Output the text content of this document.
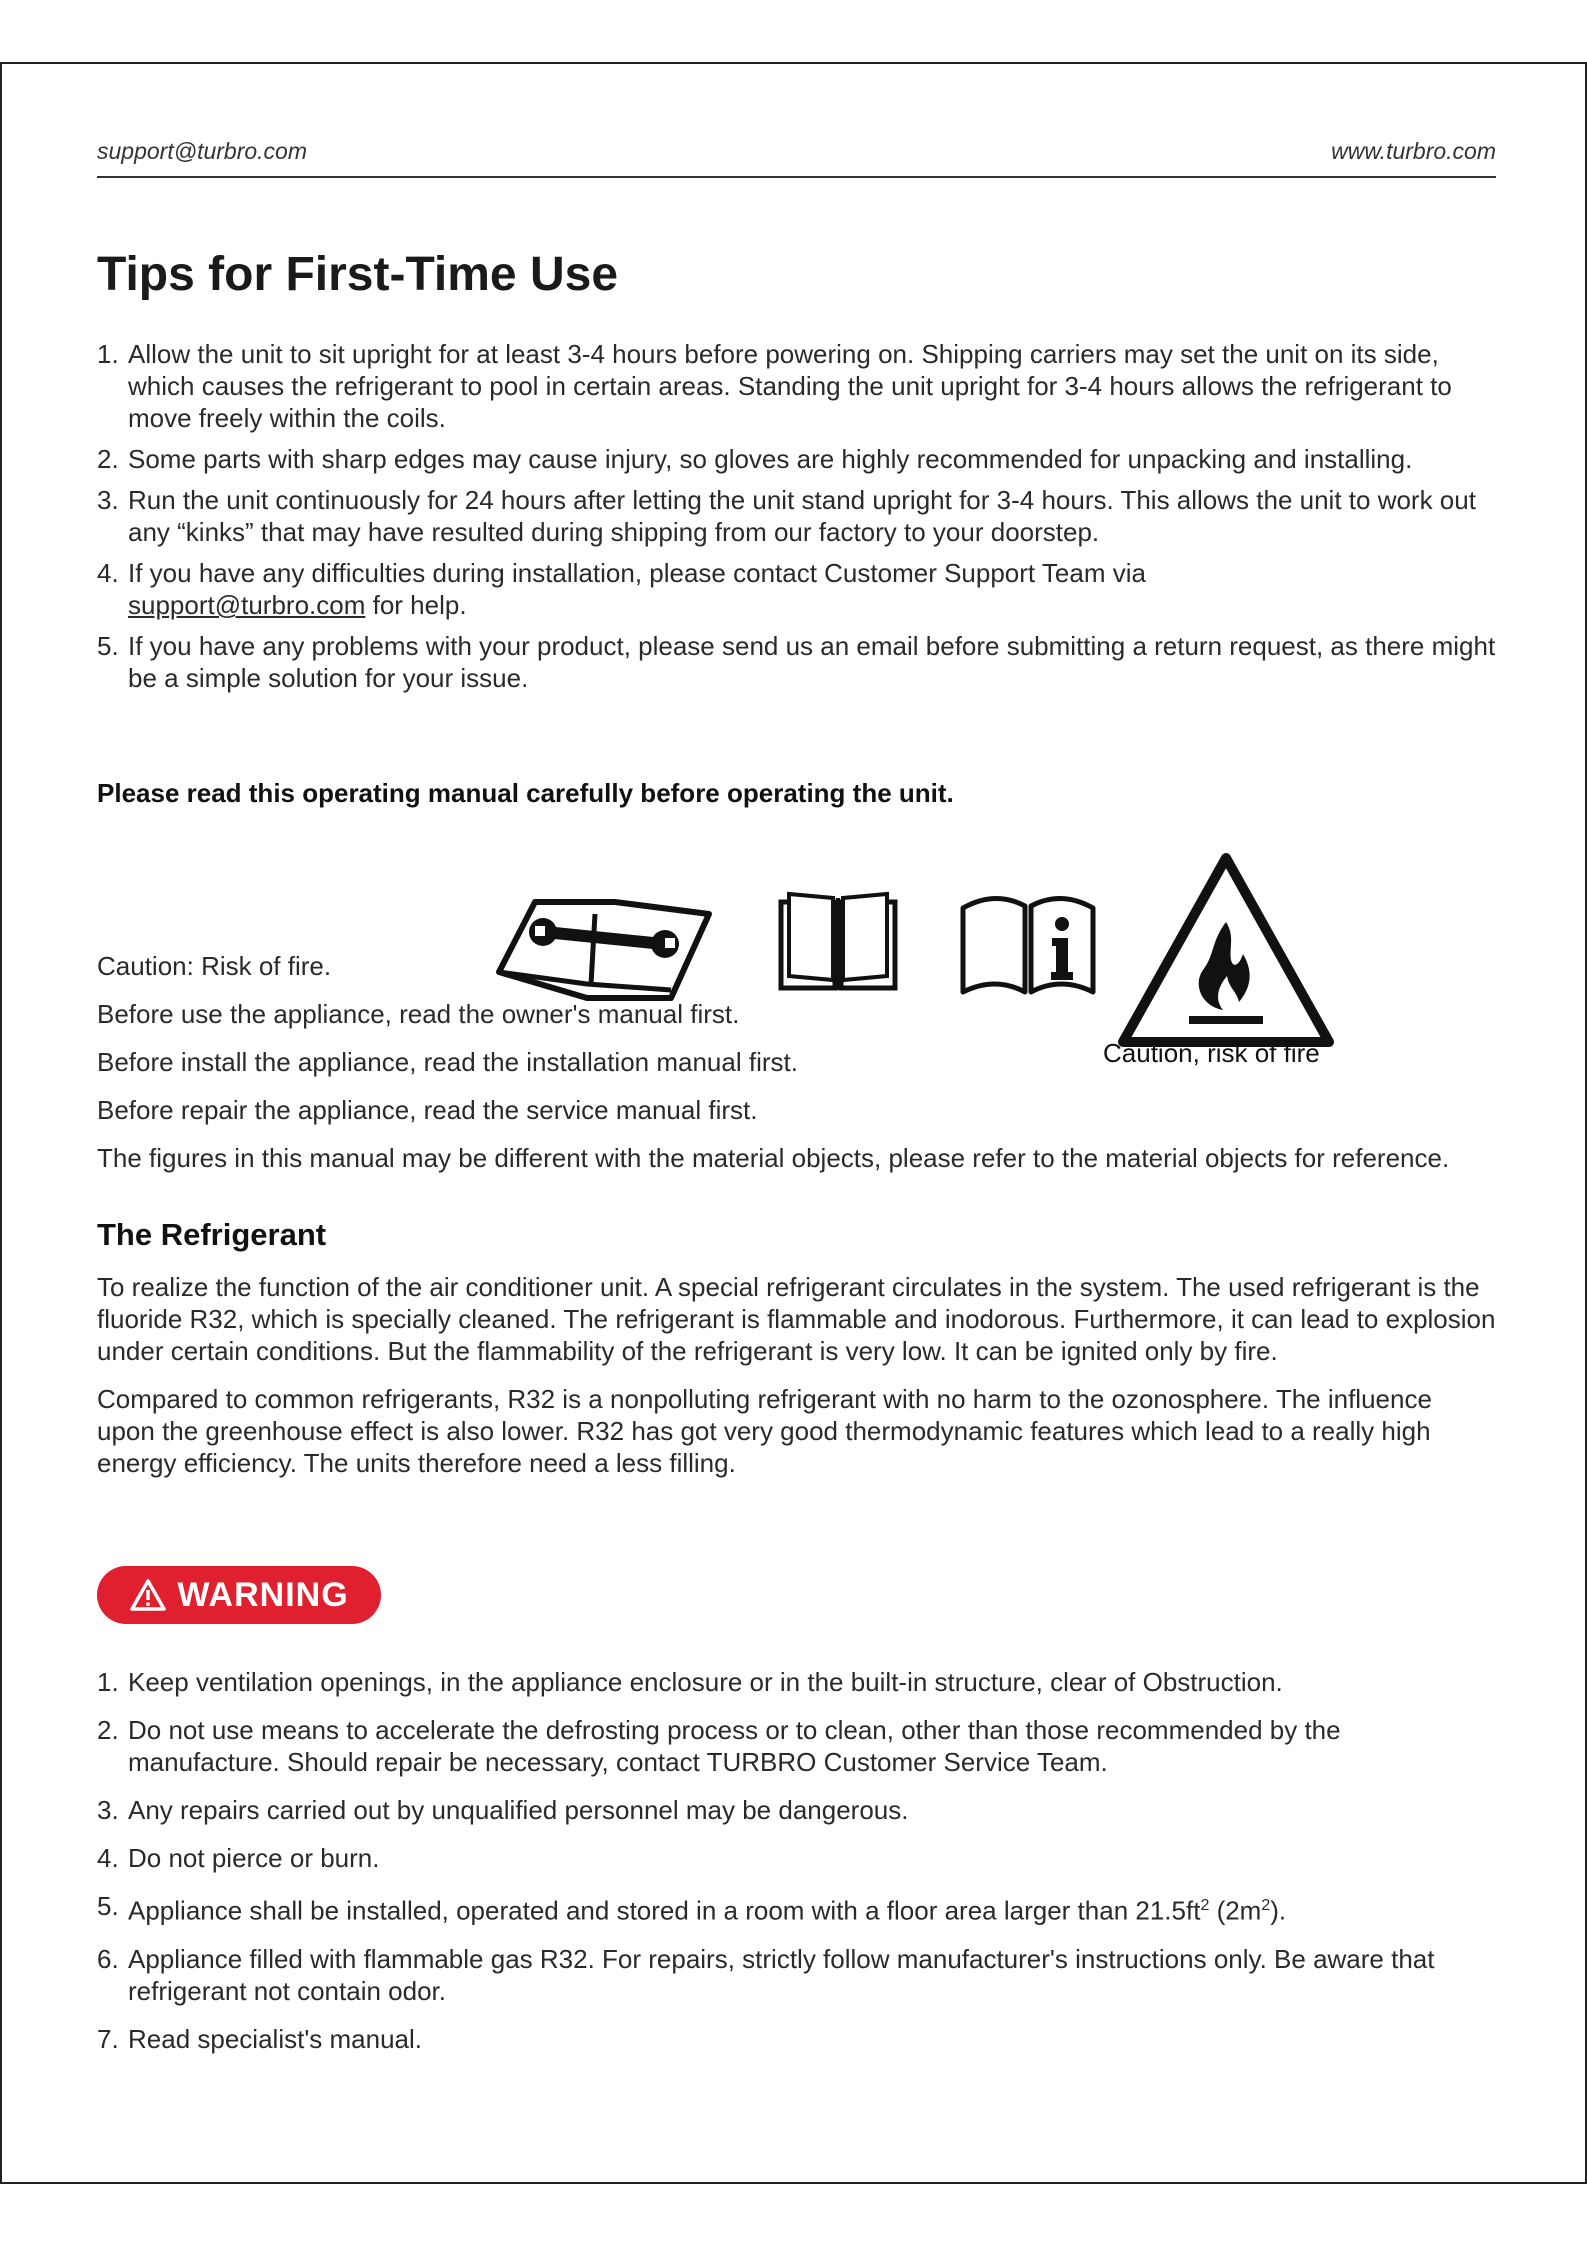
support@turbro.com	www.turbro.com
Tips for First-Time Use
1. Allow the unit to sit upright for at least 3-4 hours before powering on. Shipping carriers may set the unit on its side, which causes the refrigerant to pool in certain areas. Standing the unit upright for 3-4 hours allows the refrigerant to move freely within the coils.
2. Some parts with sharp edges may cause injury, so gloves are highly recommended for unpacking and installing.
3. Run the unit continuously for 24 hours after letting the unit stand upright for 3-4 hours. This allows the unit to work out any “kinks” that may have resulted during shipping from our factory to your doorstep.
4. If you have any difficulties during installation, please contact Customer Support Team via
support@turbro.com for help.
5. If you have any problems with your product, please send us an email before submitting a return request, as there might be a simple solution for your issue.
Please read this operating manual carefully before operating the unit.
Caution, risk of fire

Caution: Risk of fire.

Before use the appliance, read the owner's manual first.

Before install the appliance, read the installation manual first.

Before repair the appliance, read the service manual first.

The figures in this manual may be different with the material objects, please refer to the material objects for reference.

The Refrigerant

To realize the function of the air conditioner unit. A special refrigerant circulates in the system. The used refrigerant is the fluoride R32, which is specially cleaned. The refrigerant is flammable and inodorous. Furthermore, it can lead to explosion under certain conditions. But the flammability of the refrigerant is very low. It can be ignited only by fire.

Compared to common refrigerants, R32 is a nonpolluting refrigerant with no harm to the ozonosphere. The influence upon the greenhouse effect is also lower. R32 has got very good thermodynamic features which lead to a really high energy efficiency. The units therefore need a less filling.

WARNING
1. Keep ventilation openings, in the appliance enclosure or in the built-in structure, clear of Obstruction.
2. Do not use means to accelerate the defrosting process or to clean, other than those recommended by the manufacture. Should repair be necessary, contact TURBRO Customer Service Team.
3. Any repairs carried out by unqualified personnel may be dangerous.
4. Do not pierce or burn.
5. Appliance shall be installed, operated and stored in a room with a floor area larger than $21.5ft^2$ $(2m^2)$.
6. Appliance filled with flammable gas R32. For repairs, strictly follow manufacturer's instructions only. Be aware that refrigerant not contain odor.
7. Read specialist's manual.
